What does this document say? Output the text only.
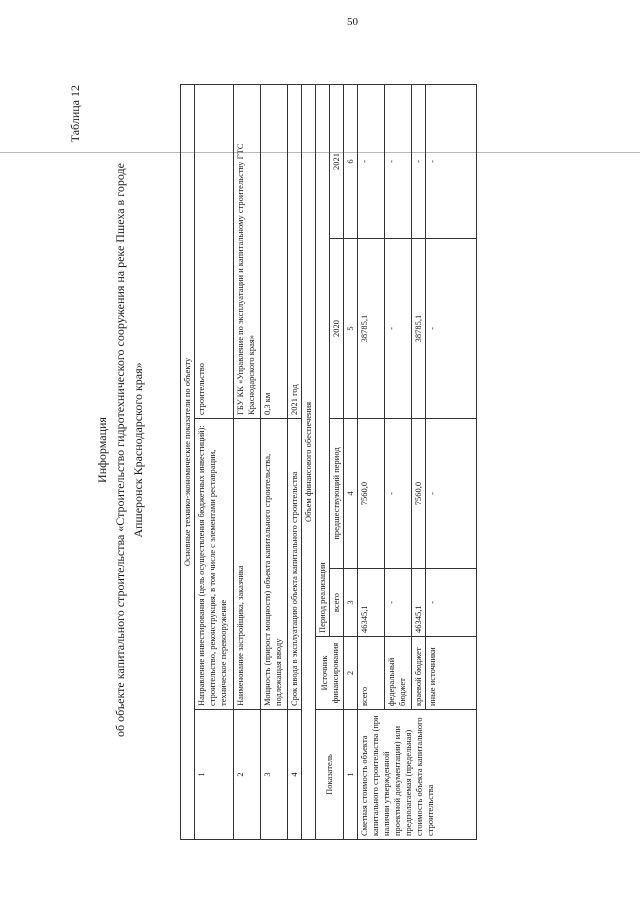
50
Таблица 12
Информация об объекте капитального строительства «Строительство гидротехнического сооружения на реке Пшеха в городе Апшеронск Краснодарского края»	Основные технико-экономические показатели по объекту					
1	Направление инвестирования (цель осуществления бюджетных инвестиций): строительство, реконструкция, в том числе с элементами реставрации, техническое перевооружение			строительство	
2	Наименование застройщика, заказчика			ГБУ КК «Управление по эксплуатации и капитальному строительству ГТС Краснодарского края»	
3	Мощность (прирост мощности) объекта капитального строительства, подлежащая вводу			0,3 км	
4	Срок ввода в эксплуатацию объекта капитального строительства			2021 год	
Объем финансового обеспечения					
Показатель	Источник финансирования	Период реализации			
		всего	предшествующий период	2020	2021
1	2	3	4	5	6
Сметная стоимость объекта капитального строительства (при наличии утвержденной проектной документации) или предполагаемая (предельная) стоимость объекта капитального строительства	всего	46345,1	7560,0	38785,1	-
	федеральный бюджет	-	-	-	-
	краевой бюджет	46345,1	7560,0	38785,1	-
	иные источники	-	-	-	-
